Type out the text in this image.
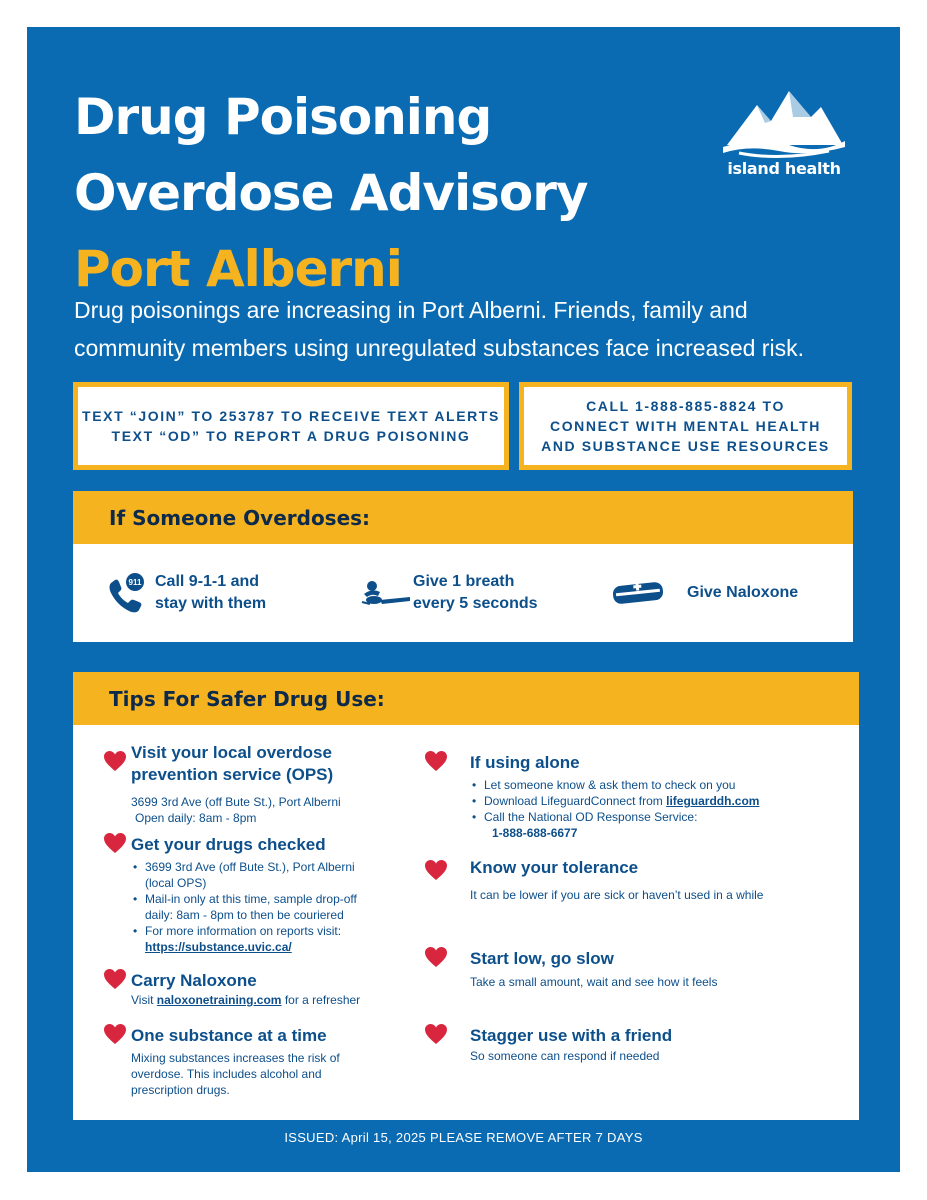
Drug Poisoning
Overdose Advisory
Port Alberni
island health

Drug poisonings are increasing in Port Alberni. Friends, family and community members using unregulated substances face increased risk.

TEXT “JOIN” TO 253787 TO RECEIVE TEXT ALERTS
TEXT “OD” TO REPORT A DRUG POISONING
CALL 1-888-885-8824 TO
CONNECT WITH MENTAL HEALTH
AND SUBSTANCE USE RESOURCES
If Someone Overdoses:
911 Call 9-1-1 and
stay with them
Give 1 breath
every 5 seconds
Give Naloxone
Tips For Safer Drug Use:
Visit your local overdose
prevention service (OPS)

3699 3rd Ave (off Bute St.), Port Alberni

Open daily: 8am - 8pm

Get your drugs checked
• 3699 3rd Ave (off Bute St.), Port Alberni (local OPS)
• Mail-in only at this time, sample drop-off daily: 8am - 8pm to then be couriered
• For more information on reports visit:
https://substance.uvic.ca/
Carry Naloxone

Visit naloxonetraining.com for a refresher

One substance at a time

Mixing substances increases the risk of overdose. This includes alcohol and prescription drugs.

If using alone
• Let someone know & ask them to check on you
• Download LifeguardConnect from lifeguarddh.com
• Call the National OD Response Service:

1-888-688-6677

Know your tolerance

It can be lower if you are sick or haven’t used in a while

Start low, go slow

Take a small amount, wait and see how it feels

Stagger use with a friend

So someone can respond if needed

ISSUED: April 15, 2025 PLEASE REMOVE AFTER 7 DAYS
